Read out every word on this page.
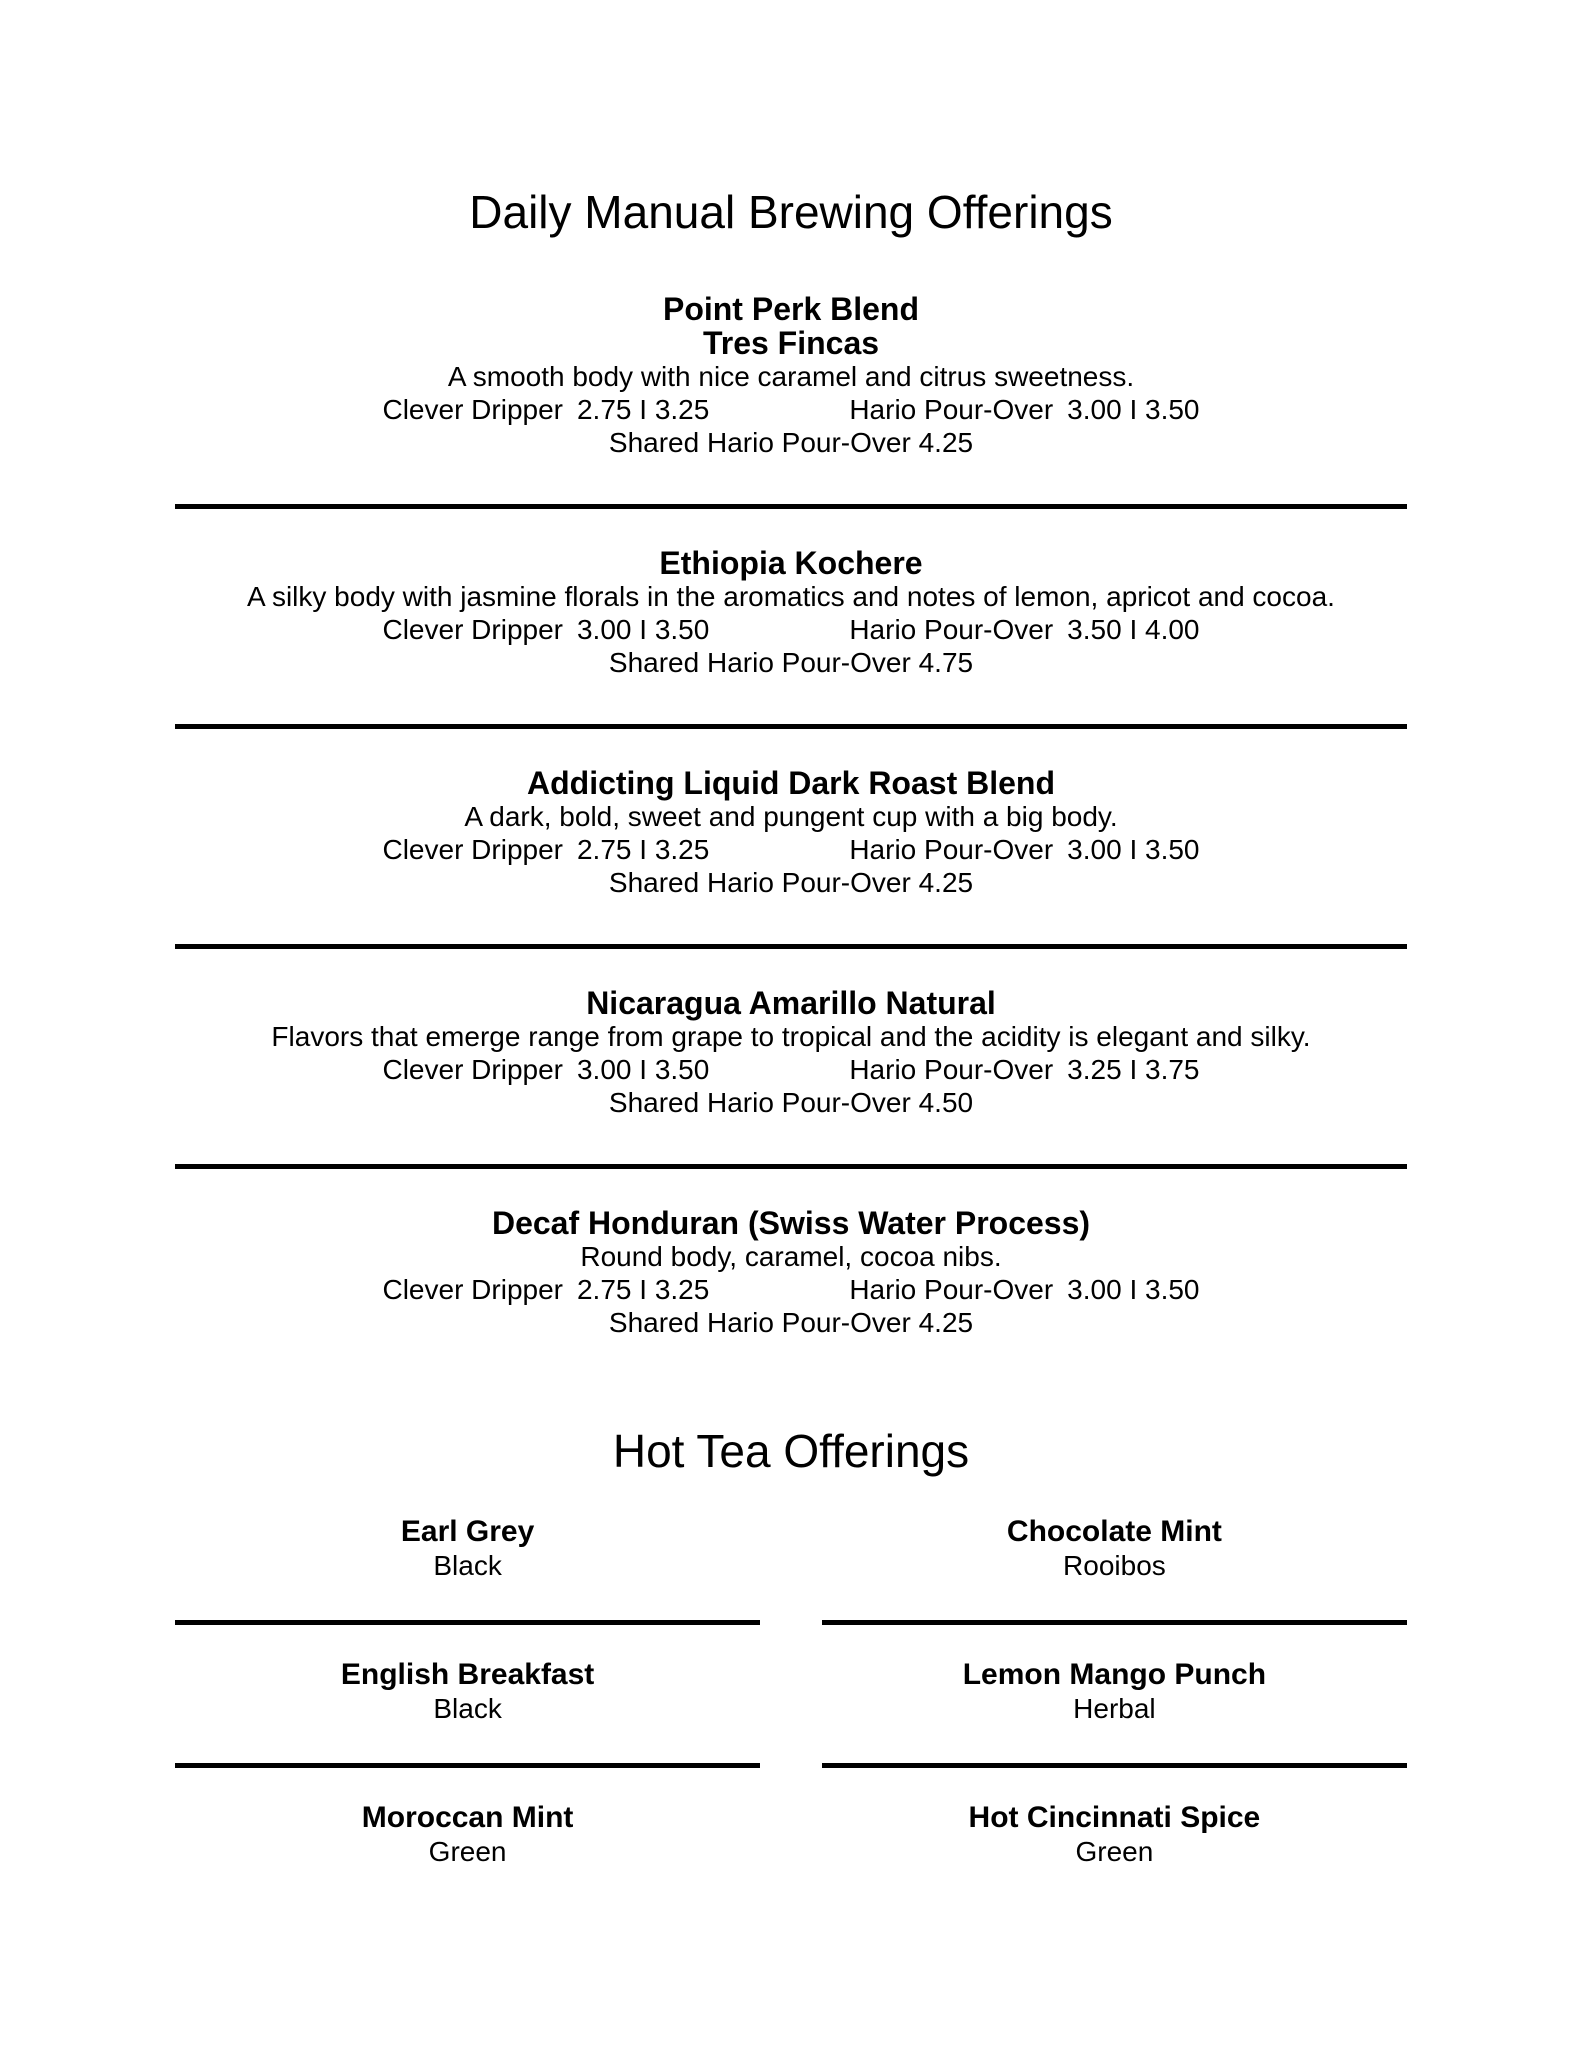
Daily Manual Brewing Offerings
Point Perk Blend
Tres Fincas
A smooth body with nice caramel and citrus sweetness.
Clever Dripper 2.75 I 3.25	Hario Pour-Over 3.00 I 3.50
Shared Hario Pour-Over 4.25
Ethiopia Kochere
A silky body with jasmine florals in the aromatics and notes of lemon, apricot and cocoa.
Clever Dripper 3.00 I 3.50	Hario Pour-Over 3.50 I 4.00
Shared Hario Pour-Over 4.75
Addicting Liquid Dark Roast Blend
A dark, bold, sweet and pungent cup with a big body.
Clever Dripper 2.75 I 3.25	Hario Pour-Over 3.00 I 3.50
Shared Hario Pour-Over 4.25
Nicaragua Amarillo Natural
Flavors that emerge range from grape to tropical and the acidity is elegant and silky.
Clever Dripper 3.00 I 3.50	Hario Pour-Over 3.25 I 3.75
Shared Hario Pour-Over 4.50
Decaf Honduran (Swiss Water Process)
Round body, caramel, cocoa nibs.
Clever Dripper 2.75 I 3.25	Hario Pour-Over 3.00 I 3.50
Shared Hario Pour-Over 4.25
Hot Tea Offerings
Earl Grey
Black
Chocolate Mint
Rooibos
English Breakfast
Black
Lemon Mango Punch
Herbal
Moroccan Mint
Green
Hot Cincinnati Spice
Green
